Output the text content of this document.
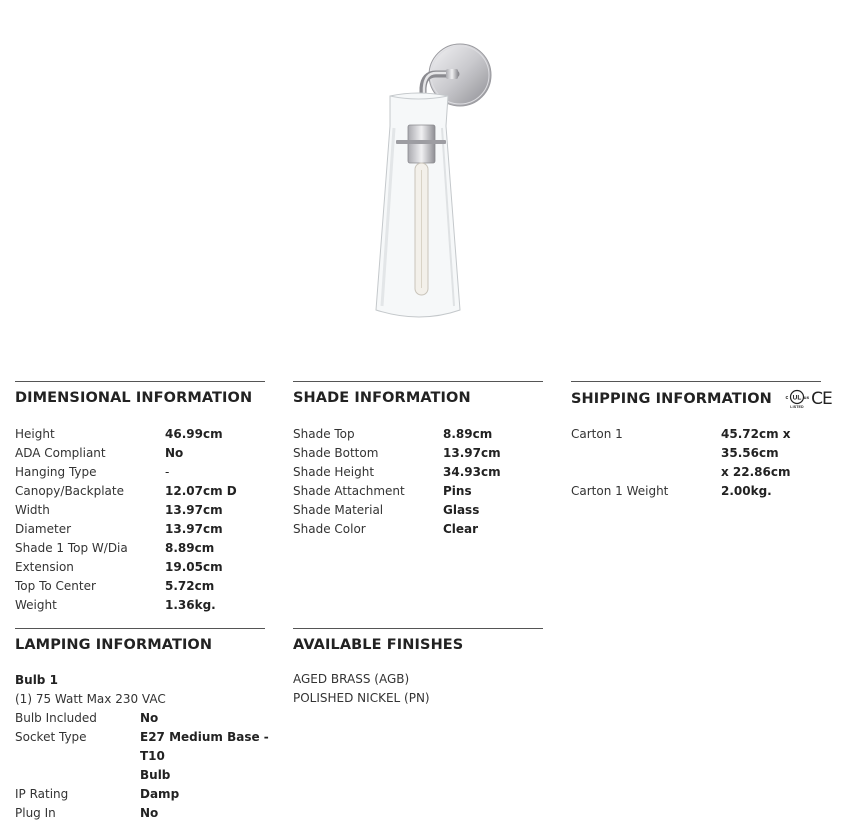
DIMENSIONAL INFORMATION
Height	46.99cm
ADA Compliant	No
Hanging Type	-
Canopy/Backplate	12.07cm D
Width	13.97cm
Diameter	13.97cm
Shade 1 Top W/Dia	8.89cm
Extension	19.05cm
Top To Center	5.72cm
Weight	1.36kg.
SHADE INFORMATION
Shade Top	8.89cm
Shade Bottom	13.97cm
Shade Height	34.93cm
Shade Attachment	Pins
Shade Material	Glass
Shade Color	Clear
SHIPPING INFORMATION	UL
c	us
LISTED CE
Carton 1	45.72cm x 35.56cm
x 22.86cm
Carton 1 Weight	2.00kg.
LAMPING INFORMATION
Bulb 1
(1) 75 Watt Max 230 VAC
Bulb Included	No
Socket Type	E27 Medium Base - T10
Bulb
IP Rating	Damp
Plug In	No
AVAILABLE FINISHES
AGED BRASS (AGB)
POLISHED NICKEL (PN)
